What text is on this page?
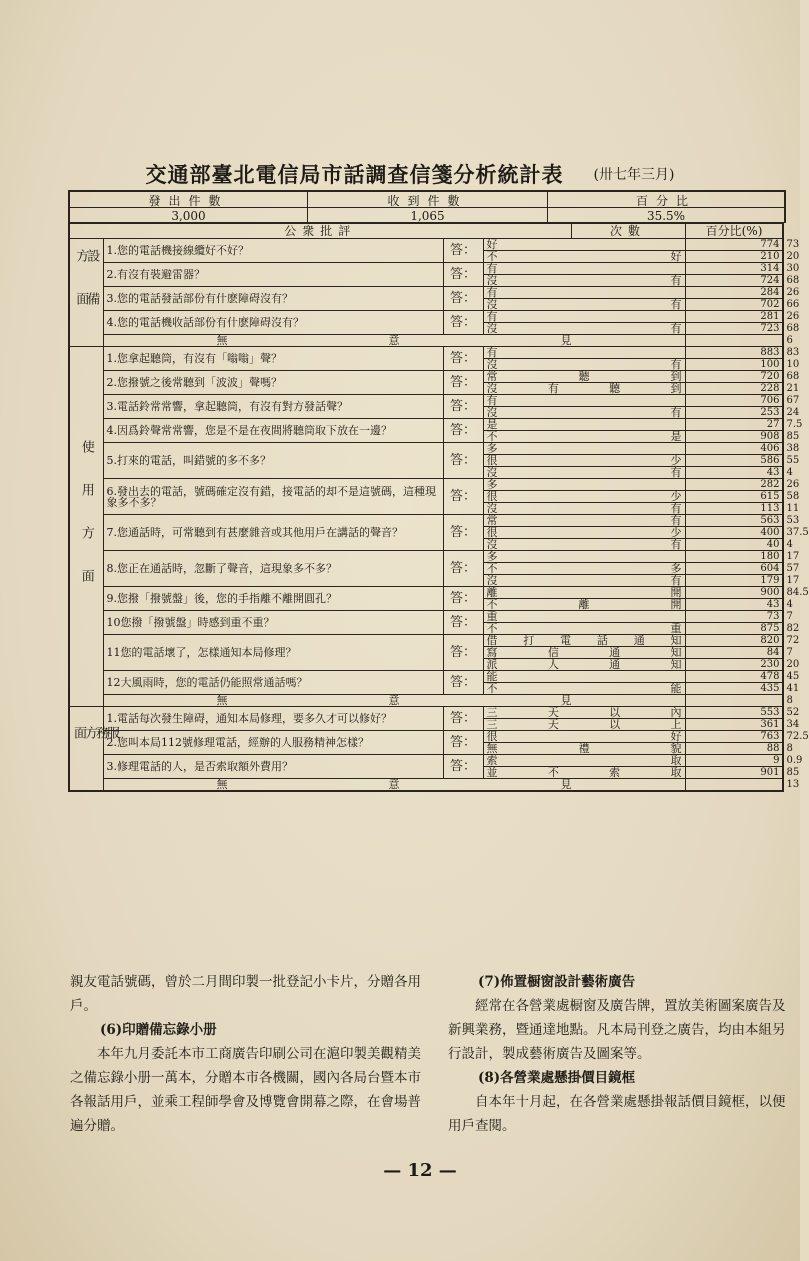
交通部臺北電信局市話調查信箋分析統計表 (卅七年三月)
發出件數	收到件數	百分比
3,000	1,065	35.5%
公衆批評				次數	百分比(%)	
設備方面	1.您的電話機接線纜好不好？	答：	好		774	73
			不好		210	20
	2.有沒有裝避雷器？	答：	有		314	30
			沒有		724	68
	3.您的電話發話部份有什麽障碍沒有？	答：	有		284	26
			沒有		702	66
	4.您的電話機收話部份有什麽障碍沒有？	答：	有		281	26
			沒有		723	68

	無 意 見					6
使用方面	1.您拿起聽筒，有沒有「嗡嗡」聲？	答：	有		883	83
			沒有		100	10
	2.您撥號之後常聽到「波波」聲嗎？	答：	常聽到		720	68
			沒有聽到		228	21
	3.電話鈴常常響，拿起聽筒，有沒有對方發話聲？	答：	有		706	67
			沒有		253	24
	4.因爲鈴聲常常響，您是不是在夜間將聽筒取下放在一邊？	答：	是		27	7.5
			不是		908	85
	5.打來的電話，叫錯號的多不多？	答：	多		406	38
			很少		586	55
			沒有		43	4
	6.發出去的電話，號碼確定沒有錯，接電話的却不是這號碼，這種現象多不多？	答：	多		282	26
			很少		615	58
			沒有		113	11
	7.您通話時，可常聽到有甚麼雜音或其他用戶在講話的聲音？	答：	常有		563	53
			很少		400	37.5
			沒有		40	4
	8.您正在通話時，忽斷了聲音，這現象多不多？	答：	多		180	17
			不多		604	57
			沒有		179	17
	9.您撥「撥號盤」後，您的手指離不離開圓孔？	答：	離開		900	84.5
			不離開		43	4
	10您撥「撥號盤」時感到重不重？	答：	重		73	7
			不重		875	82
	11您的電話壞了，怎樣通知本局修理？	答：	借打電話通知		820	72
			寫信通知		84	7
			派人通知		230	20
	12大風雨時，您的電話仍能照常通話嗎？	答：	能		478	45
			不能		435	41

	無 意 見					8
服務方面	1.電話每次發生障碍，通知本局修理，要多久才可以修好？	答：	三天以內		553	52
			三天以上		361	34
	2.您叫本局112號修理電話，經辦的人服務精神怎樣？	答：	很好		763	72.5
			無禮貌		88	8
	3.修理電話的人，是否索取額外費用？	答：	索取		9	0.9
			並不索取		901	85

	無 意 見					13
親友電話號碼，曾於二月間印製一批登記小卡片，分贈各用戶。
(6)印贈備忘錄小册
本年九月委託本市工商廣告印刷公司在滬印製美觀精美之備忘錄小册一萬本，分贈本市各機關，國內各局台暨本市各報話用戶，並乘工程師學會及博覽會開幕之際，在會場普遍分贈。
(7)佈置橱窗設計藝術廣告
經常在各營業處橱窗及廣告牌，置放美術圖案廣告及新興業務，暨通達地點。凡本局刊登之廣告，均由本組另行設計，製成藝術廣告及圖案等。
(8)各營業處懸掛價目鏡框
自本年十月起，在各營業處懸掛報話價目鏡框，以便用戶查閱。
— 12 —
